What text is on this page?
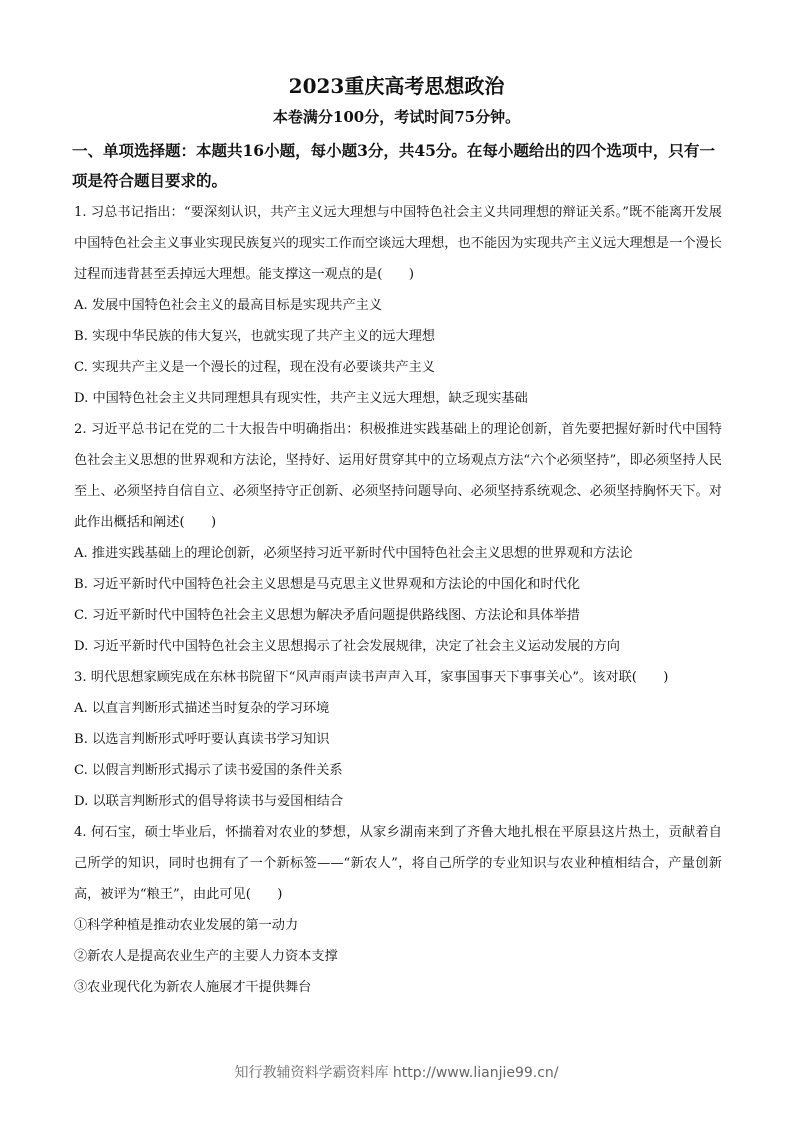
2023重庆高考思想政治
本卷满分100分，考试时间75分钟。
一、单项选择题：本题共16小题，每小题3分，共45分。在每小题给出的四个选项中，只有一项是符合题目要求的。

1. 习总书记指出：“要深刻认识，共产主义远大理想与中国特色社会主义共同理想的辩证关系。”既不能离开发展中国特色社会主义事业实现民族复兴的现实工作而空谈远大理想，也不能因为实现共产主义远大理想是一个漫长过程而违背甚至丢掉远大理想。能支撑这一观点的是(　　)

A. 发展中国特色社会主义的最高目标是实现共产主义

B. 实现中华民族的伟大复兴，也就实现了共产主义的远大理想

C. 实现共产主义是一个漫长的过程，现在没有必要谈共产主义

D. 中国特色社会主义共同理想具有现实性，共产主义远大理想，缺乏现实基础

2. 习近平总书记在党的二十大报告中明确指出：积极推进实践基础上的理论创新，首先要把握好新时代中国特色社会主义思想的世界观和方法论，坚持好、运用好贯穿其中的立场观点方法“六个必须坚持”，即必须坚持人民至上、必须坚持自信自立、必须坚持守正创新、必须坚持问题导向、必须坚持系统观念、必须坚持胸怀天下。对此作出概括和阐述(　　)

A. 推进实践基础上的理论创新，必须坚持习近平新时代中国特色社会主义思想的世界观和方法论

B. 习近平新时代中国特色社会主义思想是马克思主义世界观和方法论的中国化和时代化

C. 习近平新时代中国特色社会主义思想为解决矛盾问题提供路线图、方法论和具体举措

D. 习近平新时代中国特色社会主义思想揭示了社会发展规律，决定了社会主义运动发展的方向

3. 明代思想家顾宪成在东林书院留下“风声雨声读书声声入耳，家事国事天下事事关心”。该对联(　　)

A. 以直言判断形式描述当时复杂的学习环境

B. 以选言判断形式呼吁要认真读书学习知识

C. 以假言判断形式揭示了读书爱国的条件关系

D. 以联言判断形式的倡导将读书与爱国相结合

4. 何石宝，硕士毕业后，怀揣着对农业的梦想，从家乡湖南来到了齐鲁大地扎根在平原县这片热土，贡献着自己所学的知识，同时也拥有了一个新标签——“新农人”，将自己所学的专业知识与农业种植相结合，产量创新高，被评为“粮王”，由此可见(　　)

①科学种植是推动农业发展的第一动力

②新农人是提高农业生产的主要人力资本支撑

③农业现代化为新农人施展才干提供舞台

知行教辅资料学霸资料库 http://www.lianjie99.cn/
